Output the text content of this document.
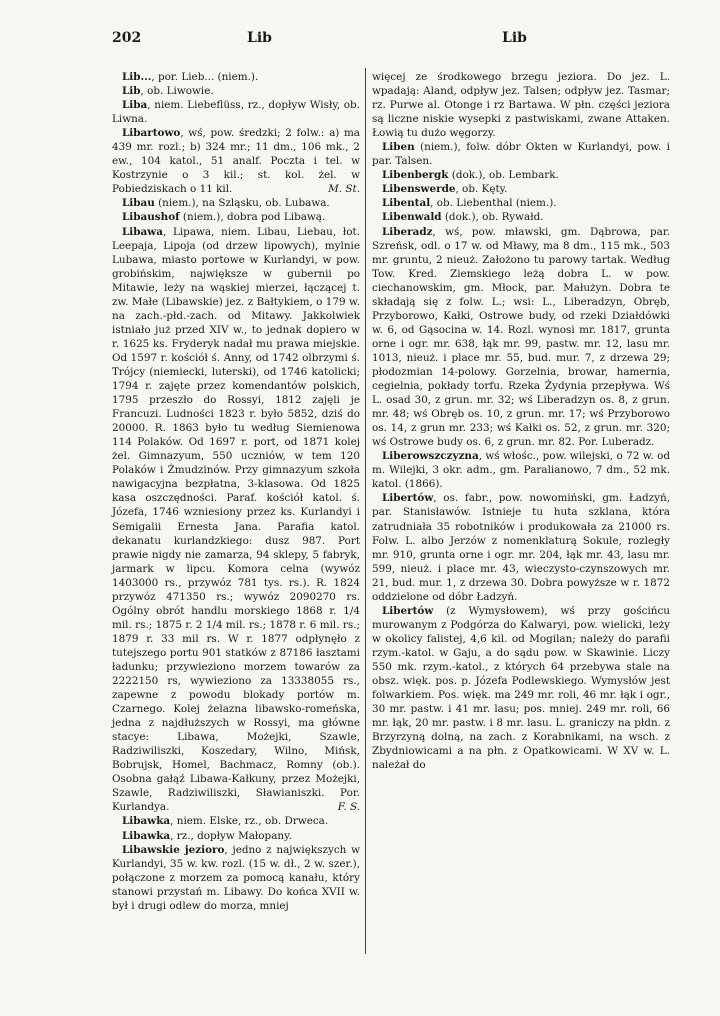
202	Lib	Lib

Lib..., por. Lieb... (niem.).

Lib, ob. Liwowie.

Liba, niem. Liebeflüss, rz., dopływ Wisły, ob. Liwna.

Libartowo, wś, pow. średzki; 2 folw.: a) ma 439 mr. rozl.; b) 324 mr.; 11 dm., 106 mk., 2 ew., 104 katol., 51 analf. Poczta i tel. w Kostrzynie o 3 kil.; st. kol. żel. w Pobiedziskach o 11 kil.	M. St.

Libau (niem.), na Szląsku, ob. Lubawa.

Libaushof (niem.), dobra pod Libawą.

Libawa, Lipawa, niem. Libau, Liebau, łot. Leepaja, Lipoja (od drzew lipowych), mylnie Lubawa, miasto portowe w Kurlandyi, w pow. grobińskim, największe w gubernii po Mitawie, leży na wąskiej mierzei, łączącej t. zw. Małe (Libawskie) jez. z Bałtykiem, o 179 w. na zach.-płd.-zach. od Mitawy. Jakkolwiek istniało już przed XIV w., to jednak dopiero w r. 1625 ks. Fryderyk nadał mu prawa miejskie. Od 1597 r. kościół ś. Anny, od 1742 olbrzymi ś. Trójcy (niemiecki, luterski), od 1746 katolicki; 1794 r. zajęte przez komendantów polskich, 1795 przeszło do Rossyi, 1812 zajęli je Francuzi. Ludności 1823 r. było 5852, dziś do 20000. R. 1863 było tu według Siemienowa 114 Polaków. Od 1697 r. port, od 1871 kolej żel. Gimnazyum, 550 uczniów, w tem 120 Polaków i Żmudzinów. Przy gimnazyum szkoła nawigacyjna bezpłatna, 3-klasowa. Od 1825 kasa oszczędności. Paraf. kościół katol. ś. Józefa, 1746 wzniesiony przez ks. Kurlandyi i Semigalii Ernesta Jana. Parafia katol. dekanatu kurlandzkiego: dusz 987. Port prawie nigdy nie zamarza, 94 sklepy, 5 fabryk, jarmark w lipcu. Komora celna (wywóz 1403000 rs., przywóz 781 tys. rs.). R. 1824 przywóz 471350 rs.; wywóz 2090270 rs. Ogólny obrót handlu morskiego 1868 r. 1/4 mil. rs.; 1875 r. 2 1/4 mil. rs.; 1878 r. 6 mil. rs.; 1879 r. 33 mil rs. W r. 1877 odpłynęło z tutejszego portu 901 statków z 87186 łasztami ładunku; przywieziono morzem towarów za 2222150 rs, wywieziono za 13338055 rs., zapewne z powodu blokady portów m. Czarnego. Kolej żelazna libawsko-romeńska, jedna z najdłuższych w Rossyi, ma główne stacye: Libawa, Możejki, Szawle, Radziwiliszki, Koszedary, Wilno, Mińsk, Bobrujsk, Homel, Bachmacz, Romny (ob.). Osobna gałąź Libawa-Kałkuny, przez Możejki, Szawle, Radziwiliszki, Sławianiszki. Por. Kurlandya.	F. S.

Libawka, niem. Elske, rz., ob. Drweca.

Libawka, rz., dopływ Małopany.

Libawskie jezioro, jedno z największych w Kurlandyi, 35 w. kw. rozl. (15 w. dł., 2 w. szer.), połączone z morzem za pomocą kanału, który stanowi przystań m. Libawy. Do końca XVII w. był i drugi odlew do morza, mniej

więcej ze środkowego brzegu jeziora. Do jez. L. wpadają: Aland, odpływ jez. Talsen; odpływ jez. Tasmar; rz. Purwe al. Otonge i rz Bartawa. W płn. części jeziora są liczne niskie wysepki z pastwiskami, zwane Attaken. Łowią tu dużo węgorzy.

Liben (niem.), folw. dóbr Okten w Kurlandyi, pow. i par. Talsen.

Libenbergk (dok.), ob. Lembark.

Libenswerde, ob. Kęty.

Libental, ob. Liebenthal (niem.).

Libenwald (dok.), ob. Rywałd.

Liberadz, wś, pow. mławski, gm. Dąbrowa, par. Szreńsk, odl. o 17 w. od Mławy, ma 8 dm., 115 mk., 503 mr. gruntu, 2 nieuż. Założono tu parowy tartak. Według Tow. Kred. Ziemskiego leżą dobra L. w pow. ciechanowskim, gm. Młock, par. Małużyn. Dobra te składają się z folw. L.; wsi: L., Liberadzyn, Obręb, Przyborowo, Kałki, Ostrowe budy, od rzeki Działdówki w. 6, od Gąsocina w. 14. Rozl. wynosi mr. 1817, grunta orne i ogr. mr. 638, łąk mr. 99, pastw. mr. 12, lasu mr. 1013, nieuż. i place mr. 55, bud. mur. 7, z drzewa 29; płodozmian 14-polowy. Gorzelnia, browar, hamernia, cegielnia, pokłady torfu. Rzeka Żydynia przepływa. Wś L. osad 30, z grun. mr. 32; wś Liberadzyn os. 8, z grun. mr. 48; wś Obręb os. 10, z grun. mr. 17; wś Przyborowo os. 14, z grun mr. 233; wś Kałki os. 52, z grun. mr. 320; wś Ostrowe budy os. 6, z grun. mr. 82. Por. Luberadz.

Liberowszczyzna, wś włośc., pow. wilejski, o 72 w. od m. Wilejki, 3 okr. adm., gm. Paralianowo, 7 dm., 52 mk. katol. (1866).

Libertów, os. fabr., pow. nowomiński, gm. Ładzyń, par. Stanisławów. Istnieje tu huta szklana, która zatrudniała 35 robotników i produkowała za 21000 rs. Folw. L. albo Jerzów z nomenklaturą Sokule, rozległy mr. 910, grunta orne i ogr. mr. 204, łąk mr. 43, lasu mr. 599, nieuż. i place mr. 43, wieczysto-czynszowych mr. 21, bud. mur. 1, z drzewa 30. Dobra powyższe w r. 1872 oddzielone od dóbr Ładzyń.

Libertów (z Wymysłowem), wś przy gościńcu murowanym z Podgórza do Kalwaryi, pow. wielicki, leży w okolicy falistej, 4,6 kil. od Mogilan; należy do parafii rzym.-katol. w Gaju, a do sądu pow. w Skawinie. Liczy 550 mk. rzym.-katol., z których 64 przebywa stale na obsz. więk. pos. p. Józefa Podlewskiego. Wymysłów jest folwarkiem. Pos. więk. ma 249 mr. roli, 46 mr. łąk i ogr., 30 mr. pastw. i 41 mr. lasu; pos. mniej. 249 mr. roli, 66 mr. łąk, 20 mr. pastw. i 8 mr. lasu. L. graniczy na płdn. z Brzyrzyną dolną, na zach. z Korabnikami, na wsch. z Zbydniowicami a na płn. z Opatkowicami. W XV w. L. należał do
